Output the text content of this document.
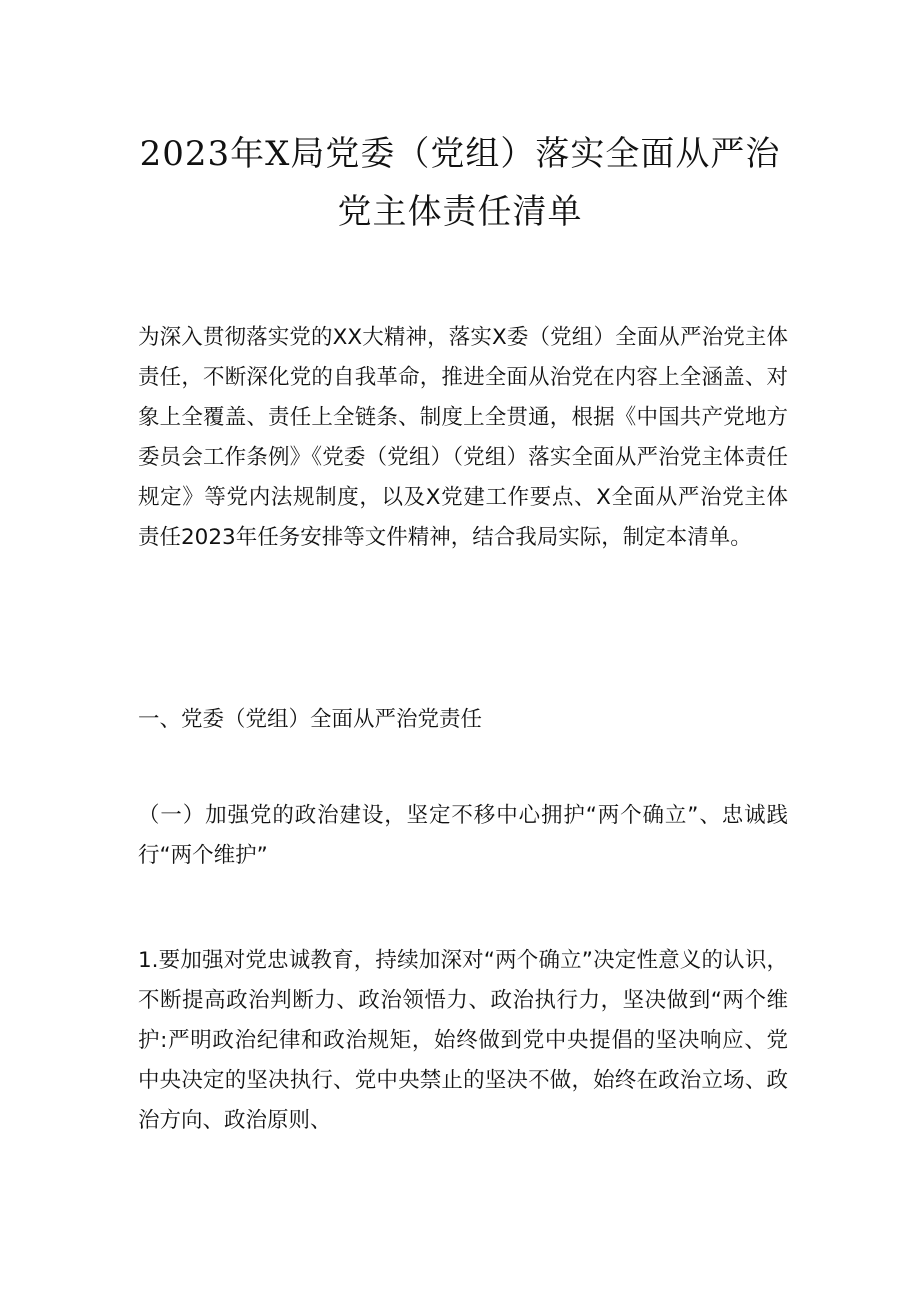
2023年X局党委（党组）落实全面从严治
党主体责任清单

为深入贯彻落实党的XX大精神，落实X委（党组）全面从严治党主体责任，不断深化党的自我革命，推进全面从治党在内容上全涵盖、对象上全覆盖、责任上全链条、制度上全贯通，根据《中国共产党地方委员会工作条例》《党委（党组）（党组）落实全面从严治党主体责任规定》等党内法规制度，以及X党建工作要点、X全面从严治党主体责任2023年任务安排等文件精神，结合我局实际，制定本清单。

一、党委（党组）全面从严治党责任

（一）加强党的政治建设，坚定不移中心拥护“两个确立”、忠诚践行“两个维护”

1.要加强对党忠诚教育，持续加深对“两个确立”决定性意义的认识，不断提高政治判断力、政治领悟力、政治执行力，坚决做到“两个维护:严明政治纪律和政治规矩，始终做到党中央提倡的坚决响应、党中央决定的坚决执行、党中央禁止的坚决不做，始终在政治立场、政治方向、政治原则、
